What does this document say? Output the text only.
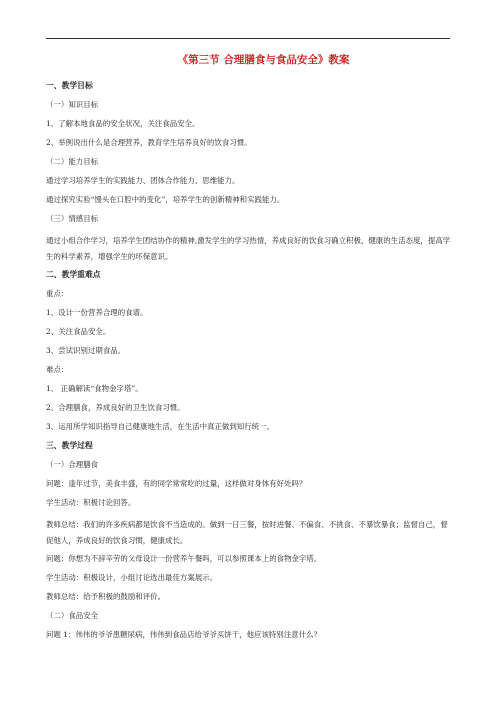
《第三节 合理膳食与食品安全》教案
一、教学目标
（一）知识目标
1、了解本地食品的安全状况，关注食品安全。
2、举例说出什么是合理营养，教育学生培养良好的饮食习惯。
（二）能力目标
通过学习培养学生的实践能力、团体合作能力、思维能力。
通过探究实验“馒头在口腔中的变化”，培养学生的创新精神和实践能力。
（三）情感目标
通过小组合作学习，培养学生团结协作的精神,激发学生的学习热情，养成良好的饮食习确立积极、健康的生活态度，提高学生的科学素养，增强学生的环保意识。
二、教学重难点
重点：
1、设计一份营养合理的食谱。
2、关注食品安全。
3、尝试识别过期食品。
难点：
1、 正确解读“食物金字塔”。
2、合理膳食，养成良好的卫生饮食习惯。
3、运用所学知识指导自己健康地生活，在生活中真正做到知行统一。
三、教学过程
（一）合理膳食
问题：逢年过节，美食丰盛，有的同学常常吃的过量，这样做对身体有好处吗？
学生活动：积极讨论回答。
教师总结：我们的许多疾病都是饮食不当造成的。做到一日三餐，按时进餐、不偏食、不挑食、不暴饮暴食；监督自己，督促他人，养成良好的饮食习惯，健康成长。
问题：你想为不辞辛劳的父母设计一份营养午餐吗，可以参照课本上的食物金字塔。
学生活动：积极设计，小组讨论选出最佳方案展示。
教师总结：给予积极的鼓励和评价。
（二）食品安全
问题 1：伟伟的爷爷患糖尿病，伟伟到食品店给爷爷买饼干，他应该特别注意什么？
